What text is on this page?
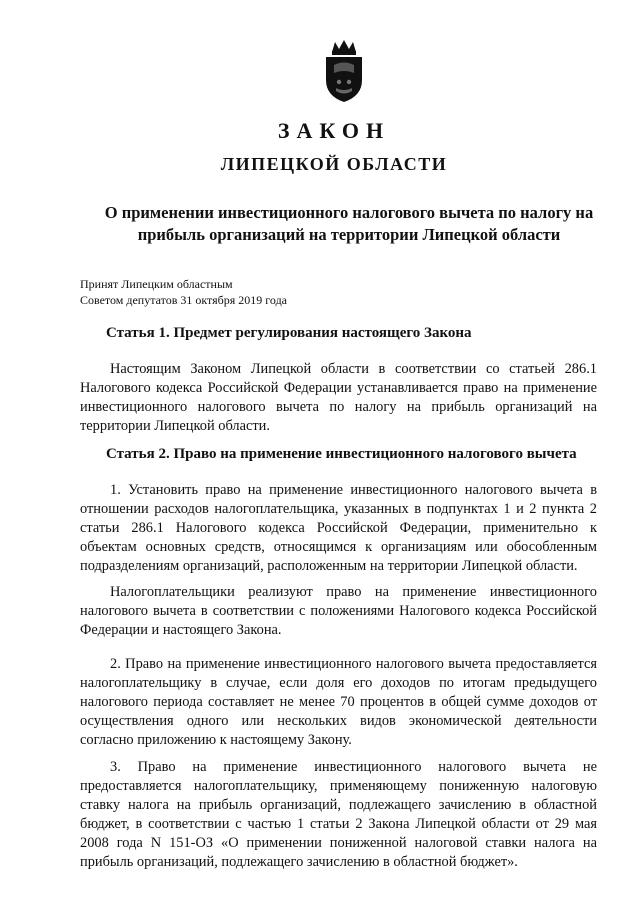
ЗАКОН
ЛИПЕЦКОЙ ОБЛАСТИ
О применении инвестиционного налогового вычета по налогу на прибыль организаций на территории Липецкой области
Принят Липецким областным
Советом депутатов 31 октября 2019 года
Статья 1. Предмет регулирования настоящего Закона
Настоящим Законом Липецкой области в соответствии со статьей 286.1 Налогового кодекса Российской Федерации устанавливается право на применение инвестиционного налогового вычета по налогу на прибыль организаций на территории Липецкой области.
Статья 2. Право на применение инвестиционного налогового вычета
1. Установить право на применение инвестиционного налогового вычета в отношении расходов налогоплательщика, указанных в подпунктах 1 и 2 пункта 2 статьи 286.1 Налогового кодекса Российской Федерации, применительно к объектам основных средств, относящимся к организациям или обособленным подразделениям организаций, расположенным на территории Липецкой области.
Налогоплательщики реализуют право на применение инвестиционного налогового вычета в соответствии с положениями Налогового кодекса Российской Федерации и настоящего Закона.
2. Право на применение инвестиционного налогового вычета предоставляется налогоплательщику в случае, если доля его доходов по итогам предыдущего налогового периода составляет не менее 70 процентов в общей сумме доходов от осуществления одного или нескольких видов экономической деятельности согласно приложению к настоящему Закону.
3. Право на применение инвестиционного налогового вычета не предоставляется налогоплательщику, применяющему пониженную налоговую ставку налога на прибыль организаций, подлежащего зачислению в областной бюджет, в соответствии с частью 1 статьи 2 Закона Липецкой области от 29 мая 2008 года N 151-ОЗ «О применении пониженной налоговой ставки налога на прибыль организаций, подлежащего зачислению в областной бюджет».
